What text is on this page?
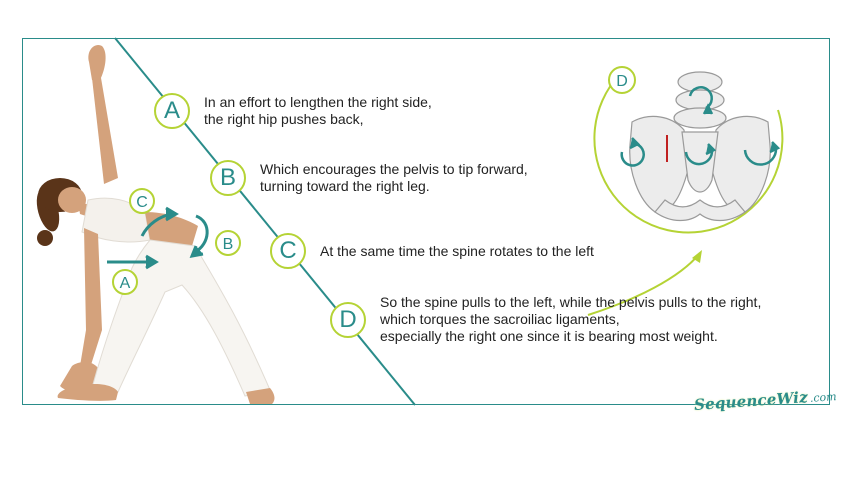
C
B
A
D
A	In an effort to lengthen the right side,
the right hip pushes back,
B	Which encourages the pelvis to tip forward,
turning toward the right leg.
C	At the same time the spine rotates to the left
D
So the spine pulls to the left, while the pelvis pulls to the right,
which torques the sacroiliac ligaments,
especially the right one since it is bearing most weight.
SequenceWiz .com
